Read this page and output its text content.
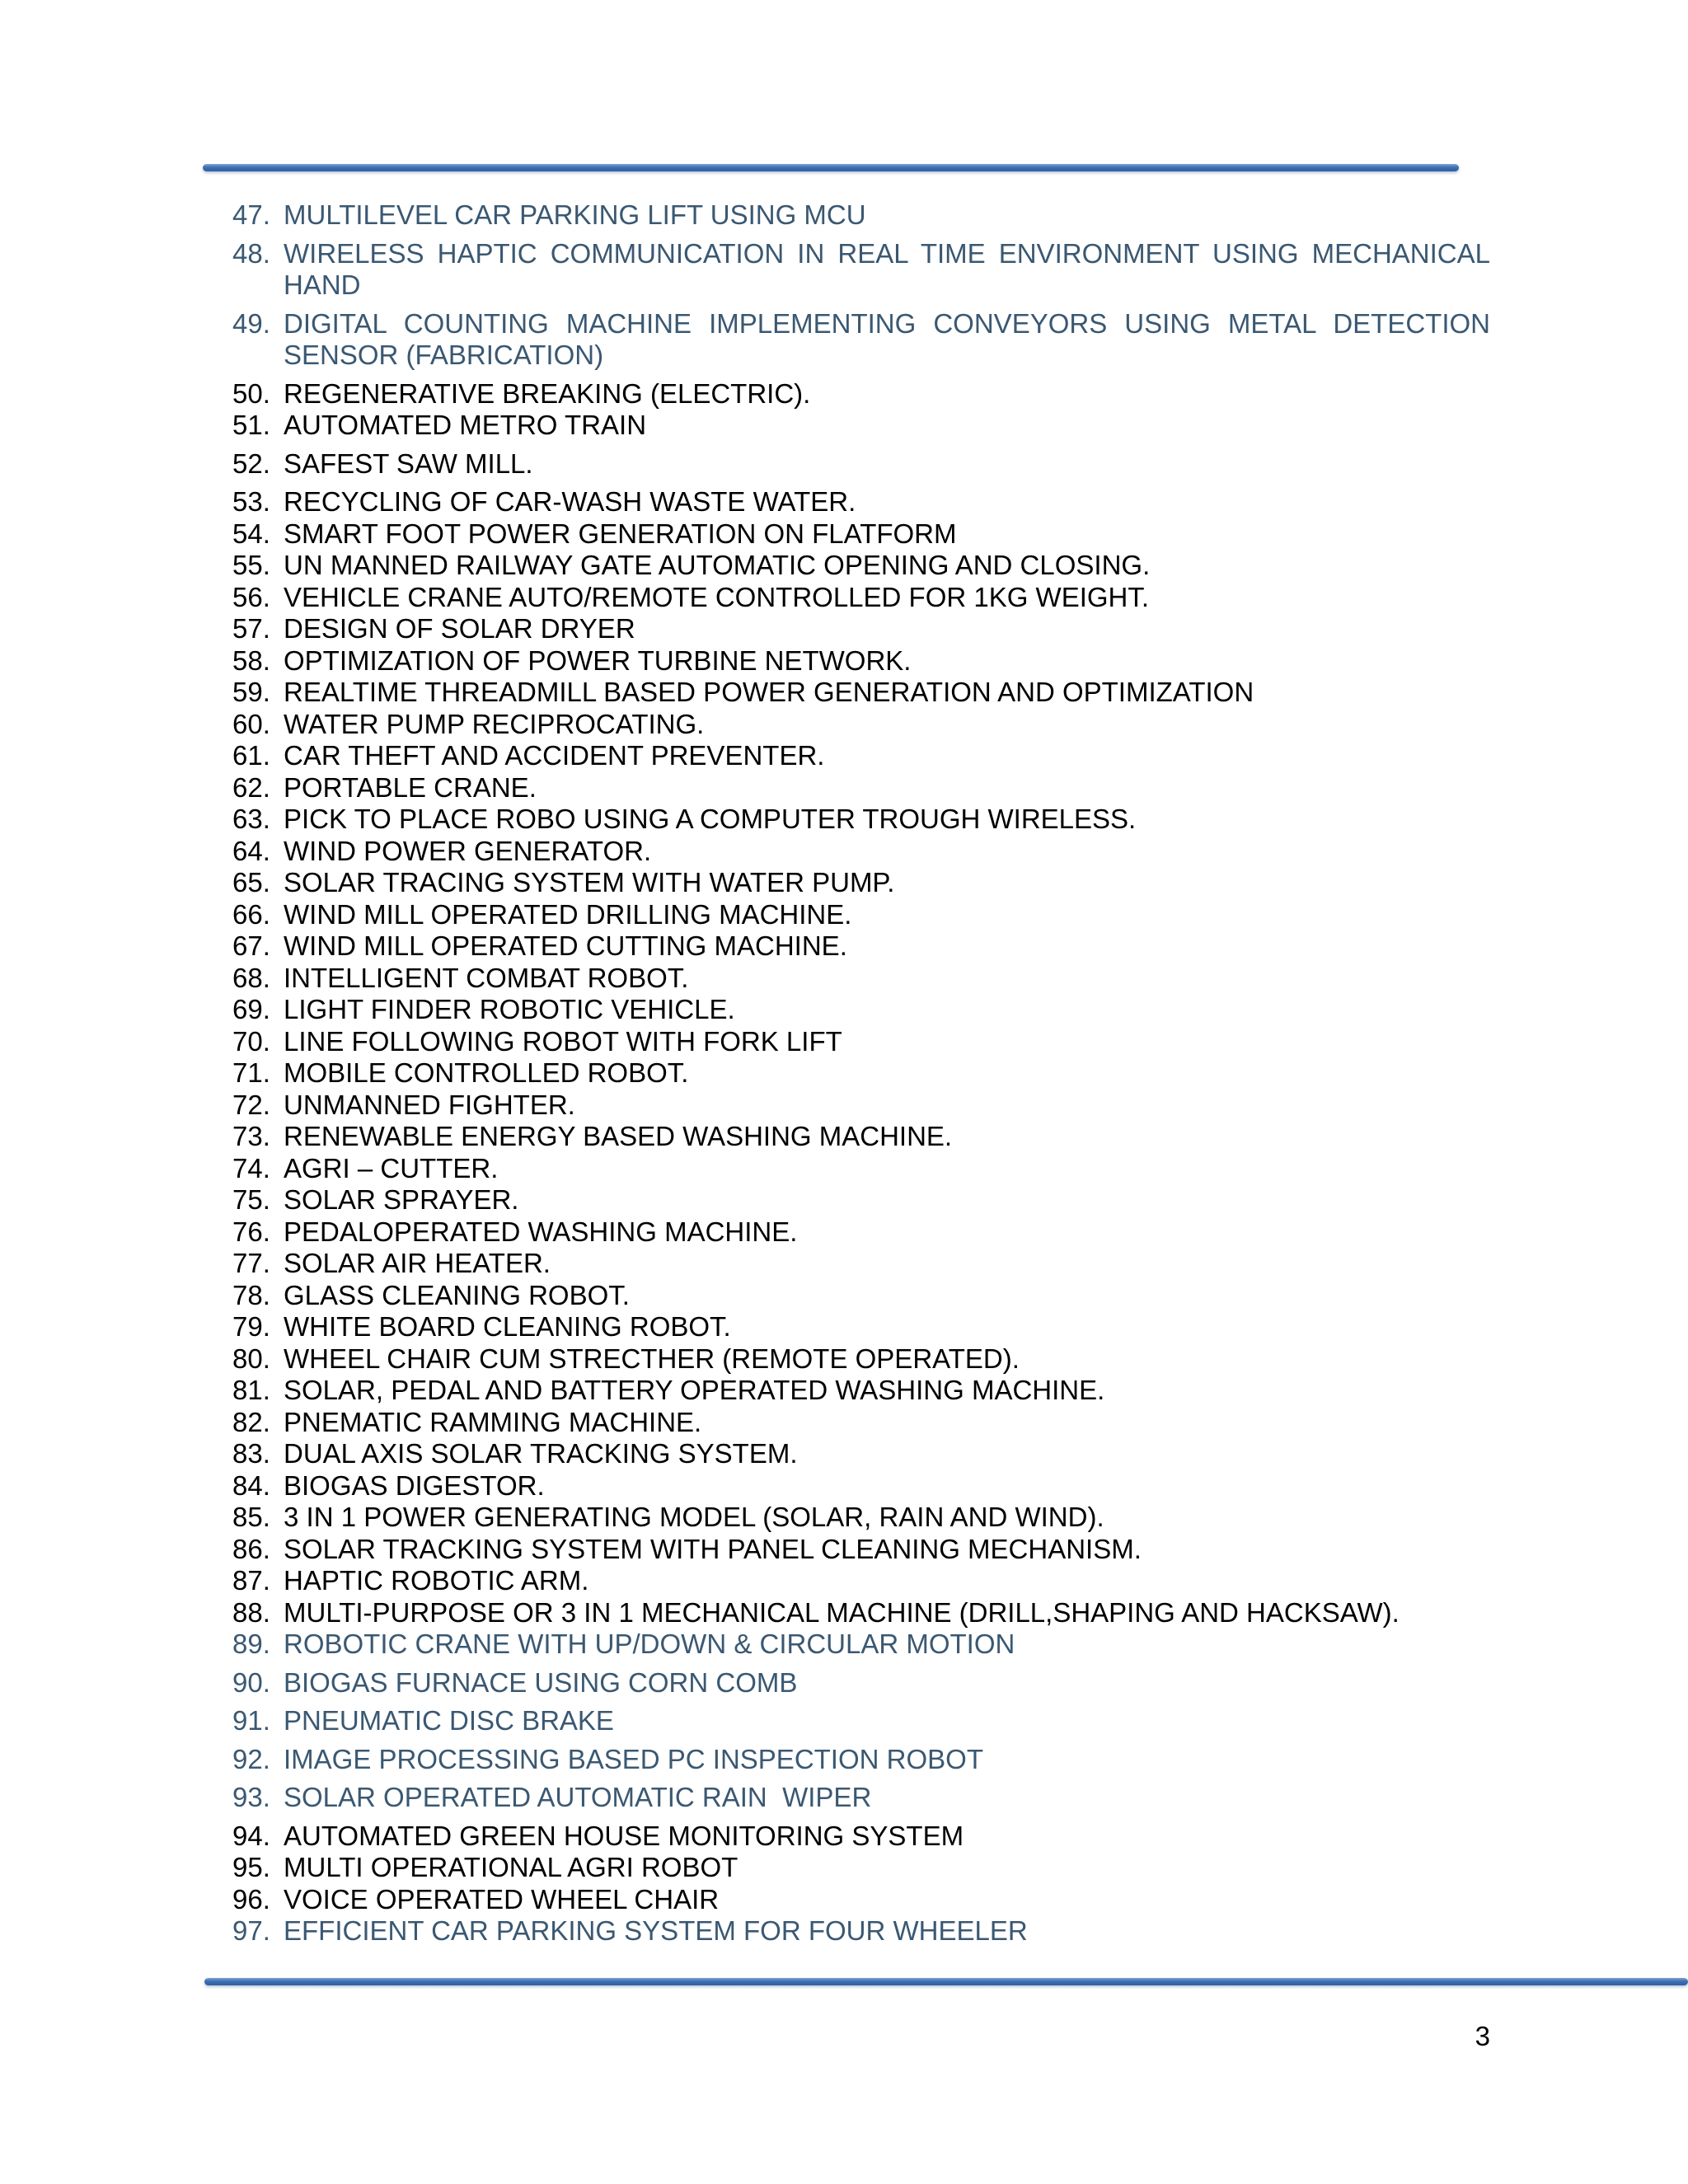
47. MULTILEVEL CAR PARKING LIFT USING MCU
48. WIRELESS HAPTIC COMMUNICATION IN REAL TIME ENVIRONMENT USING MECHANICAL HAND
49. DIGITAL COUNTING MACHINE IMPLEMENTING CONVEYORS USING METAL DETECTION SENSOR (FABRICATION)
50. REGENERATIVE BREAKING (ELECTRIC).
51. AUTOMATED METRO TRAIN
52. SAFEST SAW MILL.
53. RECYCLING OF CAR-WASH WASTE WATER.
54. SMART FOOT POWER GENERATION ON FLATFORM
55. UN MANNED RAILWAY GATE AUTOMATIC OPENING AND CLOSING.
56. VEHICLE CRANE AUTO/REMOTE CONTROLLED FOR 1KG WEIGHT.
57. DESIGN OF SOLAR DRYER
58. OPTIMIZATION OF POWER TURBINE NETWORK.
59. REALTIME THREADMILL BASED POWER GENERATION AND OPTIMIZATION
60. WATER PUMP RECIPROCATING.
61. CAR THEFT AND ACCIDENT PREVENTER.
62. PORTABLE CRANE.
63. PICK TO PLACE ROBO USING A COMPUTER TROUGH WIRELESS.
64. WIND POWER GENERATOR.
65. SOLAR TRACING SYSTEM WITH WATER PUMP.
66. WIND MILL OPERATED DRILLING MACHINE.
67. WIND MILL OPERATED CUTTING MACHINE.
68. INTELLIGENT COMBAT ROBOT.
69. LIGHT FINDER ROBOTIC VEHICLE.
70. LINE FOLLOWING ROBOT WITH FORK LIFT
71. MOBILE CONTROLLED ROBOT.
72. UNMANNED FIGHTER.
73. RENEWABLE ENERGY BASED WASHING MACHINE.
74. AGRI – CUTTER.
75. SOLAR SPRAYER.
76. PEDALOPERATED WASHING MACHINE.
77. SOLAR AIR HEATER.
78. GLASS CLEANING ROBOT.
79. WHITE BOARD CLEANING ROBOT.
80. WHEEL CHAIR CUM STRECTHER (REMOTE OPERATED).
81. SOLAR, PEDAL AND BATTERY OPERATED WASHING MACHINE.
82. PNEMATIC RAMMING MACHINE.
83. DUAL AXIS SOLAR TRACKING SYSTEM.
84. BIOGAS DIGESTOR.
85. 3 IN 1 POWER GENERATING MODEL (SOLAR, RAIN AND WIND).
86. SOLAR TRACKING SYSTEM WITH PANEL CLEANING MECHANISM.
87. HAPTIC ROBOTIC ARM.
88. MULTI-PURPOSE OR 3 IN 1 MECHANICAL MACHINE (DRILL,SHAPING AND HACKSAW).
89. ROBOTIC CRANE WITH UP/DOWN & CIRCULAR MOTION
90. BIOGAS FURNACE USING CORN COMB
91. PNEUMATIC DISC BRAKE
92. IMAGE PROCESSING BASED PC INSPECTION ROBOT
93. SOLAR OPERATED AUTOMATIC RAIN  WIPER
94. AUTOMATED GREEN HOUSE MONITORING SYSTEM
95. MULTI OPERATIONAL AGRI ROBOT
96. VOICE OPERATED WHEEL CHAIR
97. EFFICIENT CAR PARKING SYSTEM FOR FOUR WHEELER
3
